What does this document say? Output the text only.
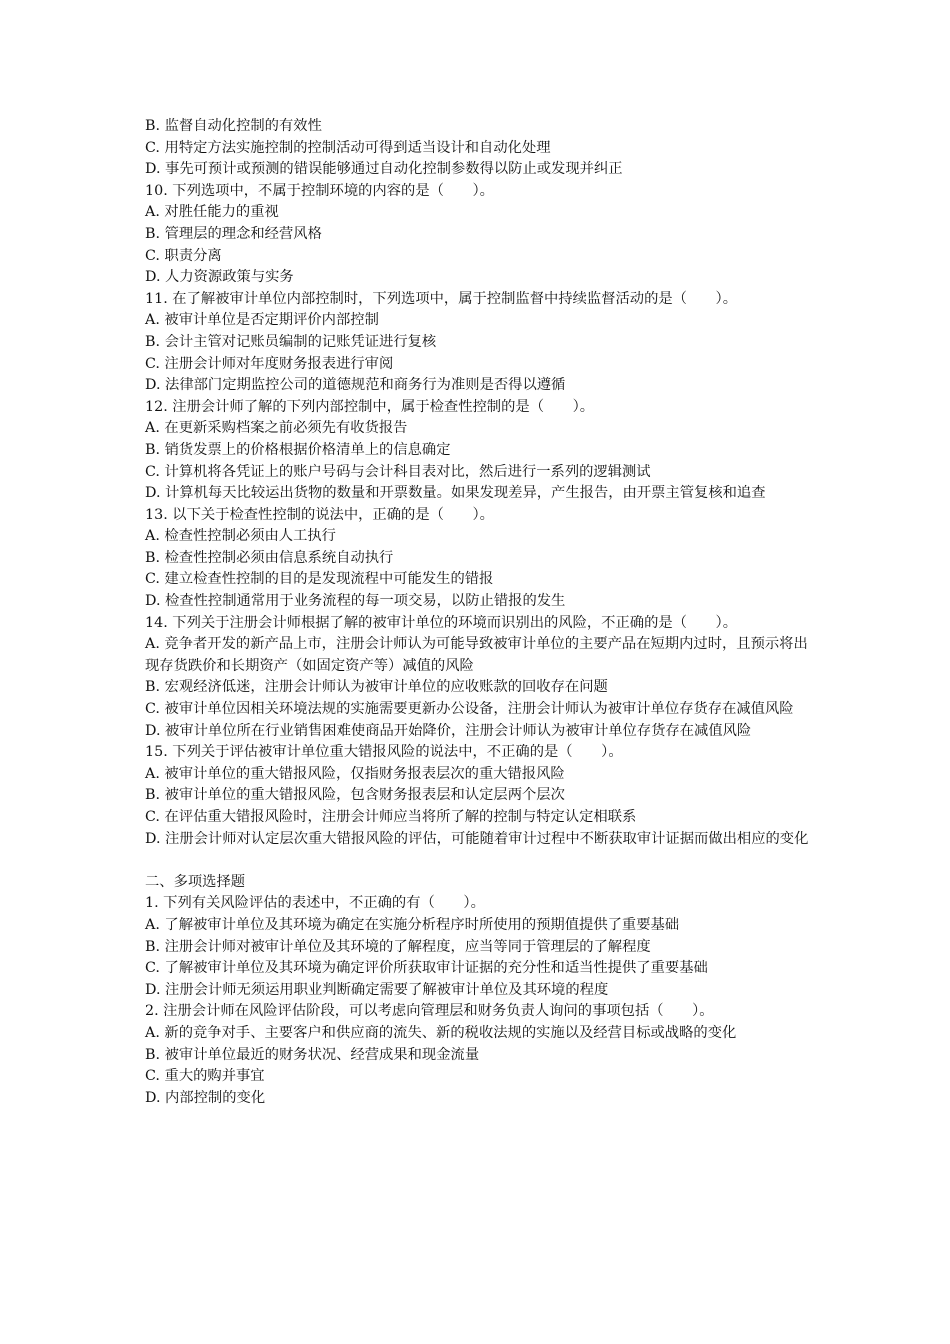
B. 监督自动化控制的有效性

C. 用特定方法实施控制的控制活动可得到适当设计和自动化处理

D. 事先可预计或预测的错误能够通过自动化控制参数得以防止或发现并纠正

10. 下列选项中，不属于控制环境的内容的是（　　）。

A. 对胜任能力的重视

B. 管理层的理念和经营风格

C. 职责分离

D. 人力资源政策与实务

11. 在了解被审计单位内部控制时，下列选项中，属于控制监督中持续监督活动的是（　　）。

A. 被审计单位是否定期评价内部控制

B. 会计主管对记账员编制的记账凭证进行复核

C. 注册会计师对年度财务报表进行审阅

D. 法律部门定期监控公司的道德规范和商务行为准则是否得以遵循

12. 注册会计师了解的下列内部控制中，属于检查性控制的是（　　）。

A. 在更新采购档案之前必须先有收货报告

B. 销货发票上的价格根据价格清单上的信息确定

C. 计算机将各凭证上的账户号码与会计科目表对比，然后进行一系列的逻辑测试

D. 计算机每天比较运出货物的数量和开票数量。如果发现差异，产生报告，由开票主管复核和追查

13. 以下关于检查性控制的说法中，正确的是（　　）。

A. 检查性控制必须由人工执行

B. 检查性控制必须由信息系统自动执行

C. 建立检查性控制的目的是发现流程中可能发生的错报

D. 检查性控制通常用于业务流程的每一项交易，以防止错报的发生

14. 下列关于注册会计师根据了解的被审计单位的环境而识别出的风险，不正确的是（　　）。

A. 竞争者开发的新产品上市，注册会计师认为可能导致被审计单位的主要产品在短期内过时，且预示将出现存货跌价和长期资产（如固定资产等）减值的风险

B. 宏观经济低迷，注册会计师认为被审计单位的应收账款的回收存在问题

C. 被审计单位因相关环境法规的实施需要更新办公设备，注册会计师认为被审计单位存货存在减值风险

D. 被审计单位所在行业销售困难使商品开始降价，注册会计师认为被审计单位存货存在减值风险

15. 下列关于评估被审计单位重大错报风险的说法中，不正确的是（　　）。

A. 被审计单位的重大错报风险，仅指财务报表层次的重大错报风险

B. 被审计单位的重大错报风险，包含财务报表层和认定层两个层次

C. 在评估重大错报风险时，注册会计师应当将所了解的控制与特定认定相联系

D. 注册会计师对认定层次重大错报风险的评估，可能随着审计过程中不断获取审计证据而做出相应的变化

二、多项选择题

1. 下列有关风险评估的表述中，不正确的有（　　）。

A. 了解被审计单位及其环境为确定在实施分析程序时所使用的预期值提供了重要基础

B. 注册会计师对被审计单位及其环境的了解程度，应当等同于管理层的了解程度

C. 了解被审计单位及其环境为确定评价所获取审计证据的充分性和适当性提供了重要基础

D. 注册会计师无须运用职业判断确定需要了解被审计单位及其环境的程度

2. 注册会计师在风险评估阶段，可以考虑向管理层和财务负责人询问的事项包括（　　）。

A. 新的竞争对手、主要客户和供应商的流失、新的税收法规的实施以及经营目标或战略的变化

B. 被审计单位最近的财务状况、经营成果和现金流量

C. 重大的购并事宜

D. 内部控制的变化
